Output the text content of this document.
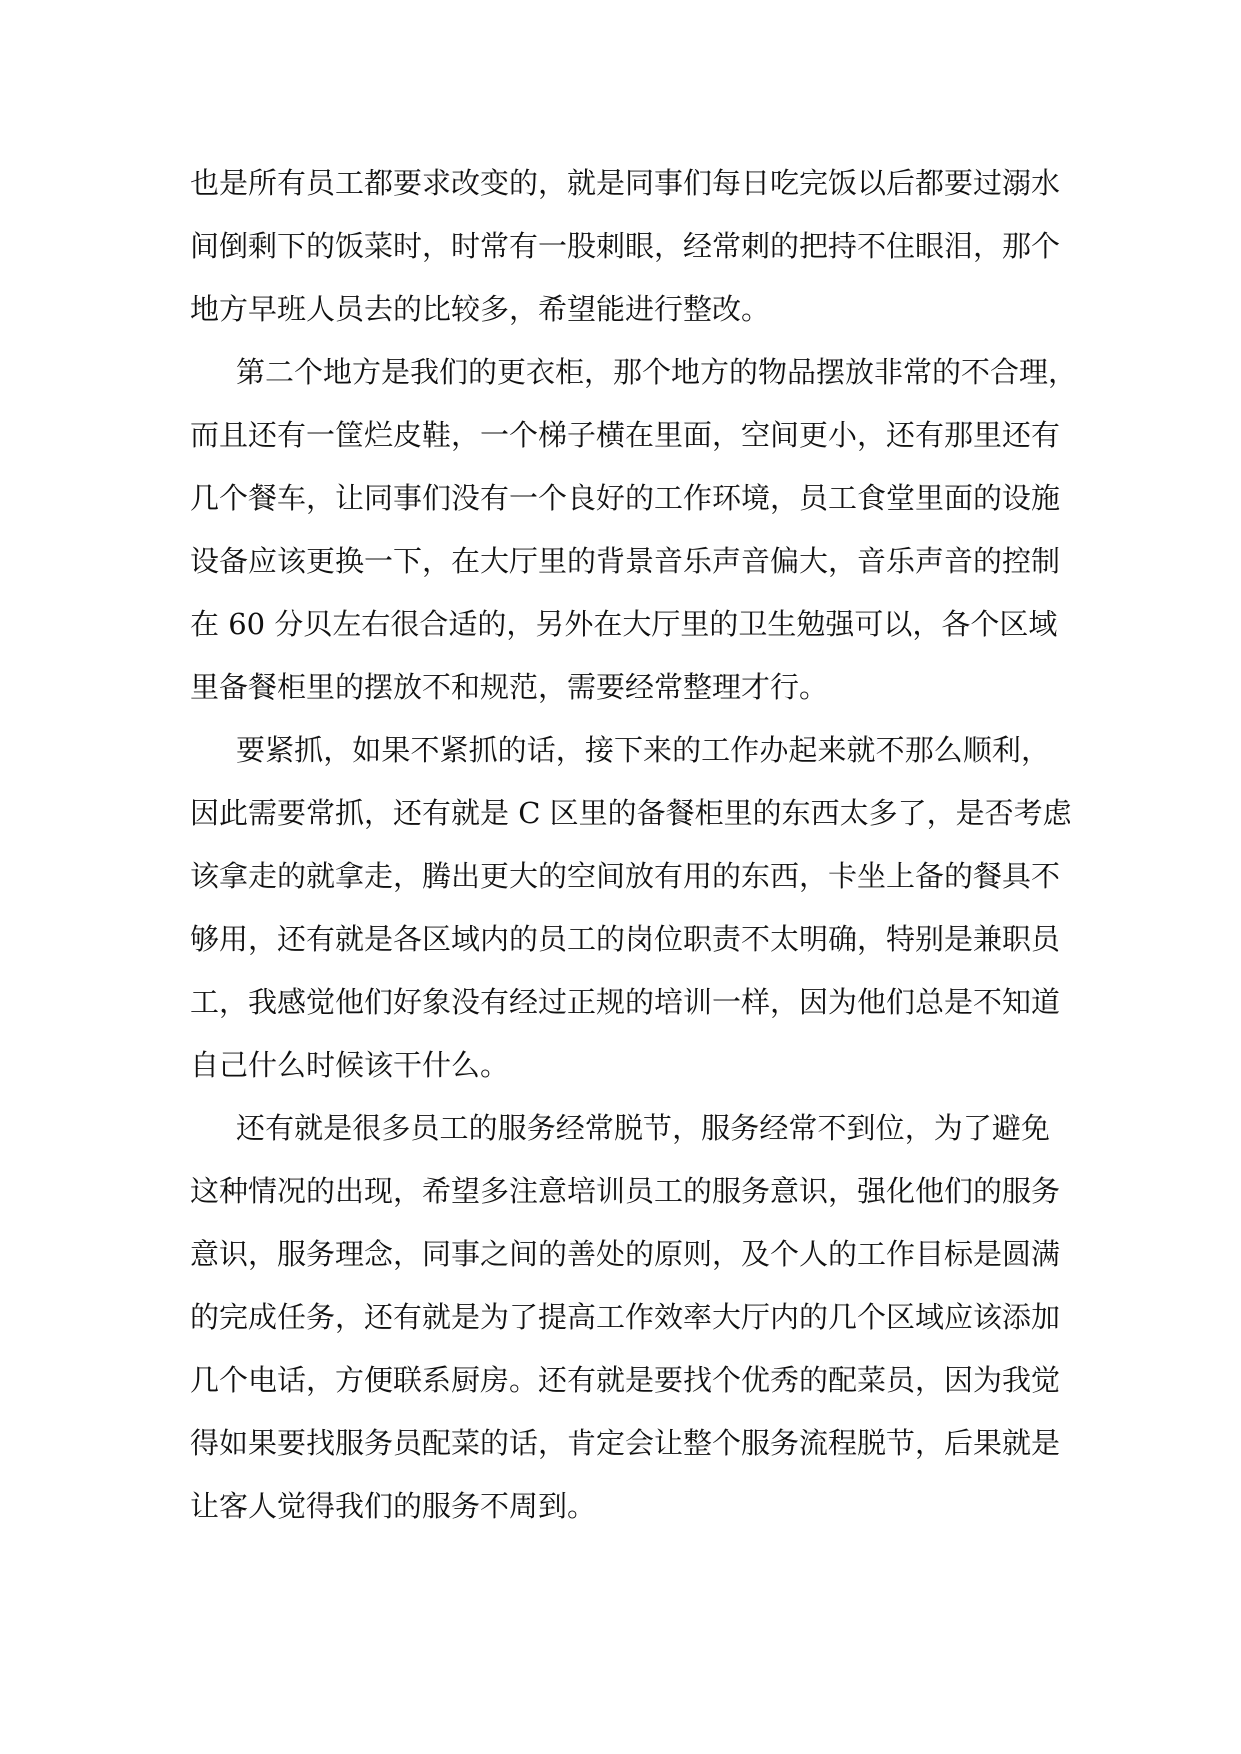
也是所有员工都要求改变的，就是同事们每日吃完饭以后都要过溺水
间倒剩下的饭菜时，时常有一股刺眼，经常刺的把持不住眼泪，那个
地方早班人员去的比较多，希望能进行整改。
第二个地方是我们的更衣柜，那个地方的物品摆放非常的不合理，
而且还有一筐烂皮鞋，一个梯子横在里面，空间更小，还有那里还有
几个餐车，让同事们没有一个良好的工作环境，员工食堂里面的设施
设备应该更换一下，在大厅里的背景音乐声音偏大，音乐声音的控制
在 60 分贝左右很合适的，另外在大厅里的卫生勉强可以，各个区域
里备餐柜里的摆放不和规范，需要经常整理才行。
要紧抓，如果不紧抓的话，接下来的工作办起来就不那么顺利，
因此需要常抓，还有就是 C 区里的备餐柜里的东西太多了，是否考虑
该拿走的就拿走，腾出更大的空间放有用的东西，卡坐上备的餐具不
够用，还有就是各区域内的员工的岗位职责不太明确，特别是兼职员
工，我感觉他们好象没有经过正规的培训一样，因为他们总是不知道
自己什么时候该干什么。
还有就是很多员工的服务经常脱节，服务经常不到位，为了避免
这种情况的出现，希望多注意培训员工的服务意识，强化他们的服务
意识，服务理念，同事之间的善处的原则，及个人的工作目标是圆满
的完成任务，还有就是为了提高工作效率大厅内的几个区域应该添加
几个电话，方便联系厨房。还有就是要找个优秀的配菜员，因为我觉
得如果要找服务员配菜的话，肯定会让整个服务流程脱节，后果就是
让客人觉得我们的服务不周到。
